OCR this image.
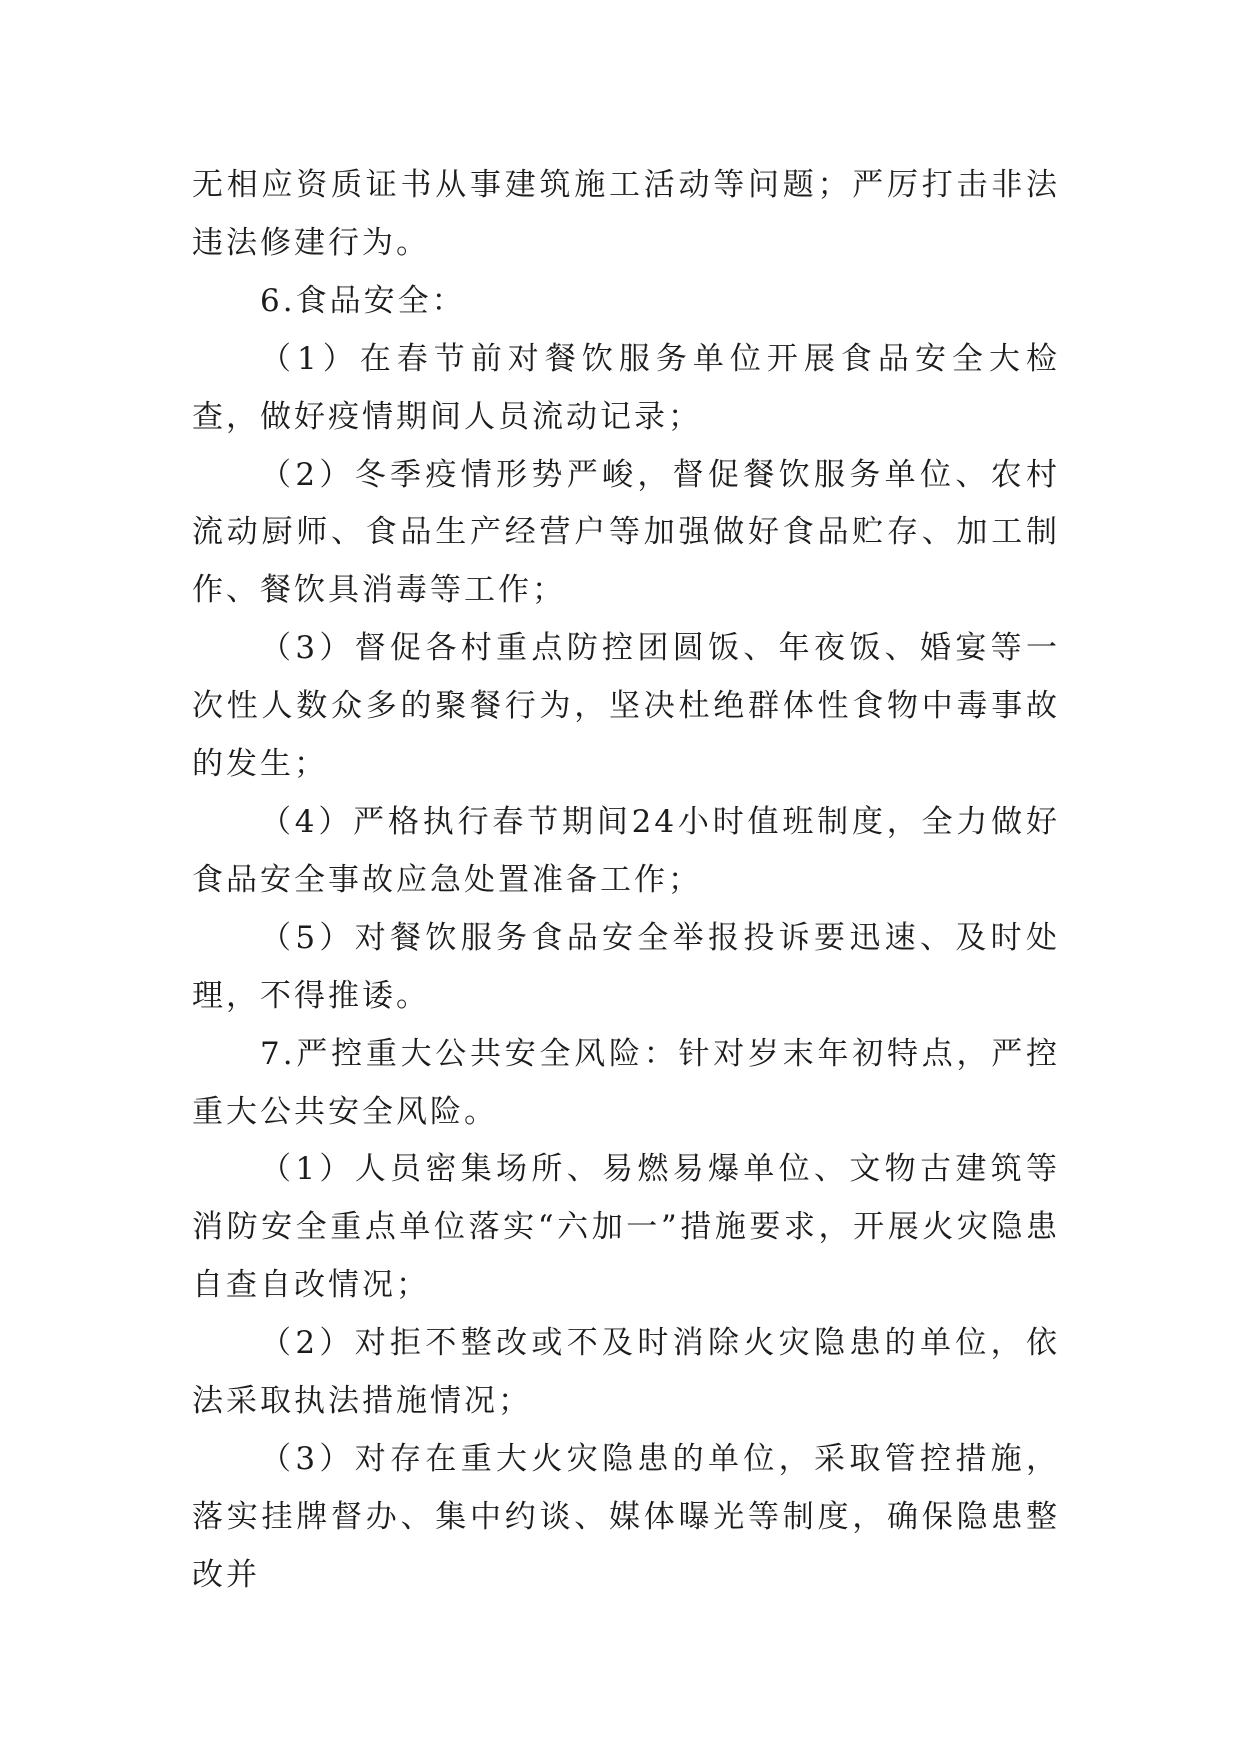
无相应资质证书从事建筑施工活动等问题；严厉打击非法违法修建行为。

6.食品安全：

（1）在春节前对餐饮服务单位开展食品安全大检查，做好疫情期间人员流动记录；

（2）冬季疫情形势严峻，督促餐饮服务单位、农村流动厨师、食品生产经营户等加强做好食品贮存、加工制作、餐饮具消毒等工作；

（3）督促各村重点防控团圆饭、年夜饭、婚宴等一次性人数众多的聚餐行为，坚决杜绝群体性食物中毒事故的发生；

（4）严格执行春节期间24小时值班制度，全力做好食品安全事故应急处置准备工作；

（5）对餐饮服务食品安全举报投诉要迅速、及时处理，不得推诿。

7.严控重大公共安全风险：针对岁末年初特点，严控重大公共安全风险。

（1）人员密集场所、易燃易爆单位、文物古建筑等消防安全重点单位落实“六加一”措施要求，开展火灾隐患自查自改情况；

（2）对拒不整改或不及时消除火灾隐患的单位，依法采取执法措施情况；

（3）对存在重大火灾隐患的单位，采取管控措施，落实挂牌督办、集中约谈、媒体曝光等制度，确保隐患整改并
